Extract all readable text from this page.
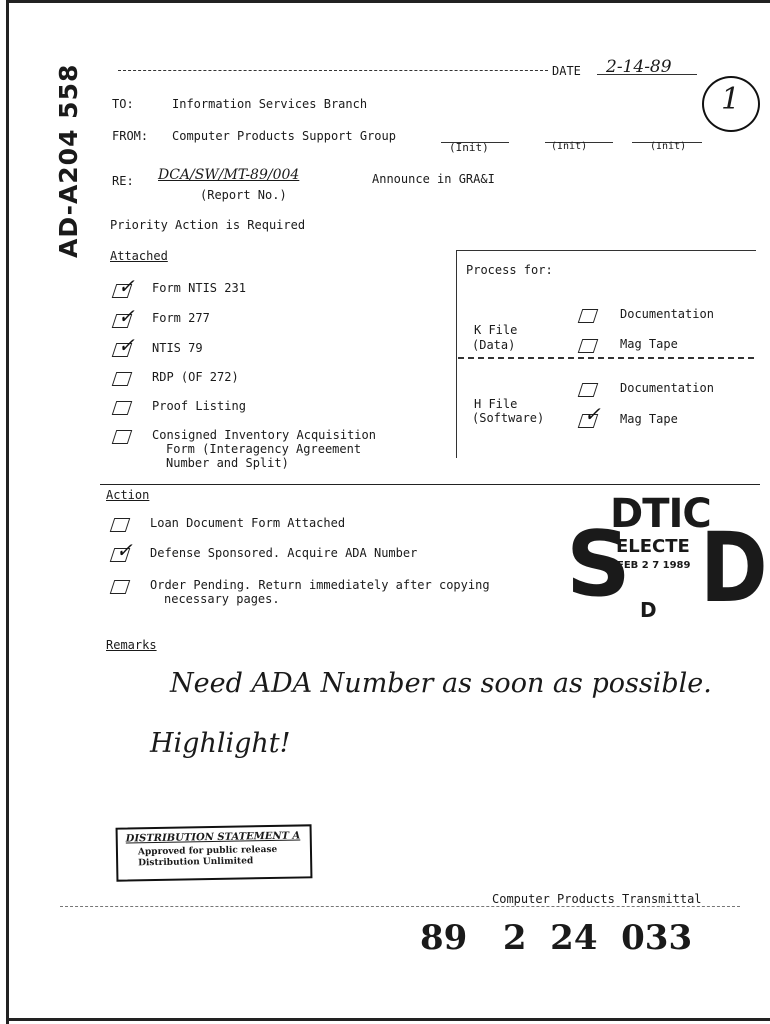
AD-A204 558	1
DATE 2-14-89
TO:	Information Services Branch
FROM: Computer Products Support Group
(Init)	(Init)	(Init)
RE: DCA/SW/MT-89/004
(Report No.)
Announce in GRA&I
Priority Action is Required
Attached
✓ Form NTIS 231
✓ Form 277
✓ NTIS 79
RDP (OF 272)
Proof Listing
Consigned Inventory Acquisition
Form (Interagency Agreement
Number and Split)
Process for:
K File
(Data)
Documentation
Mag Tape
H File
(Software)
Documentation
✓ Mag Tape
Action
Loan Document Form Attached
✓ Defense Sponsored. Acquire ADA Number
Order Pending. Return immediately after copying
necessary pages.
DTIC
S
ELECTE
FEB 2 7 1989 D
D
Remarks
Need ADA Number as soon as possible.
Highlight!
DISTRIBUTION STATEMENT A
Approved for public release
Distribution Unlimited
Computer Products Transmittal
89   2  24  033
